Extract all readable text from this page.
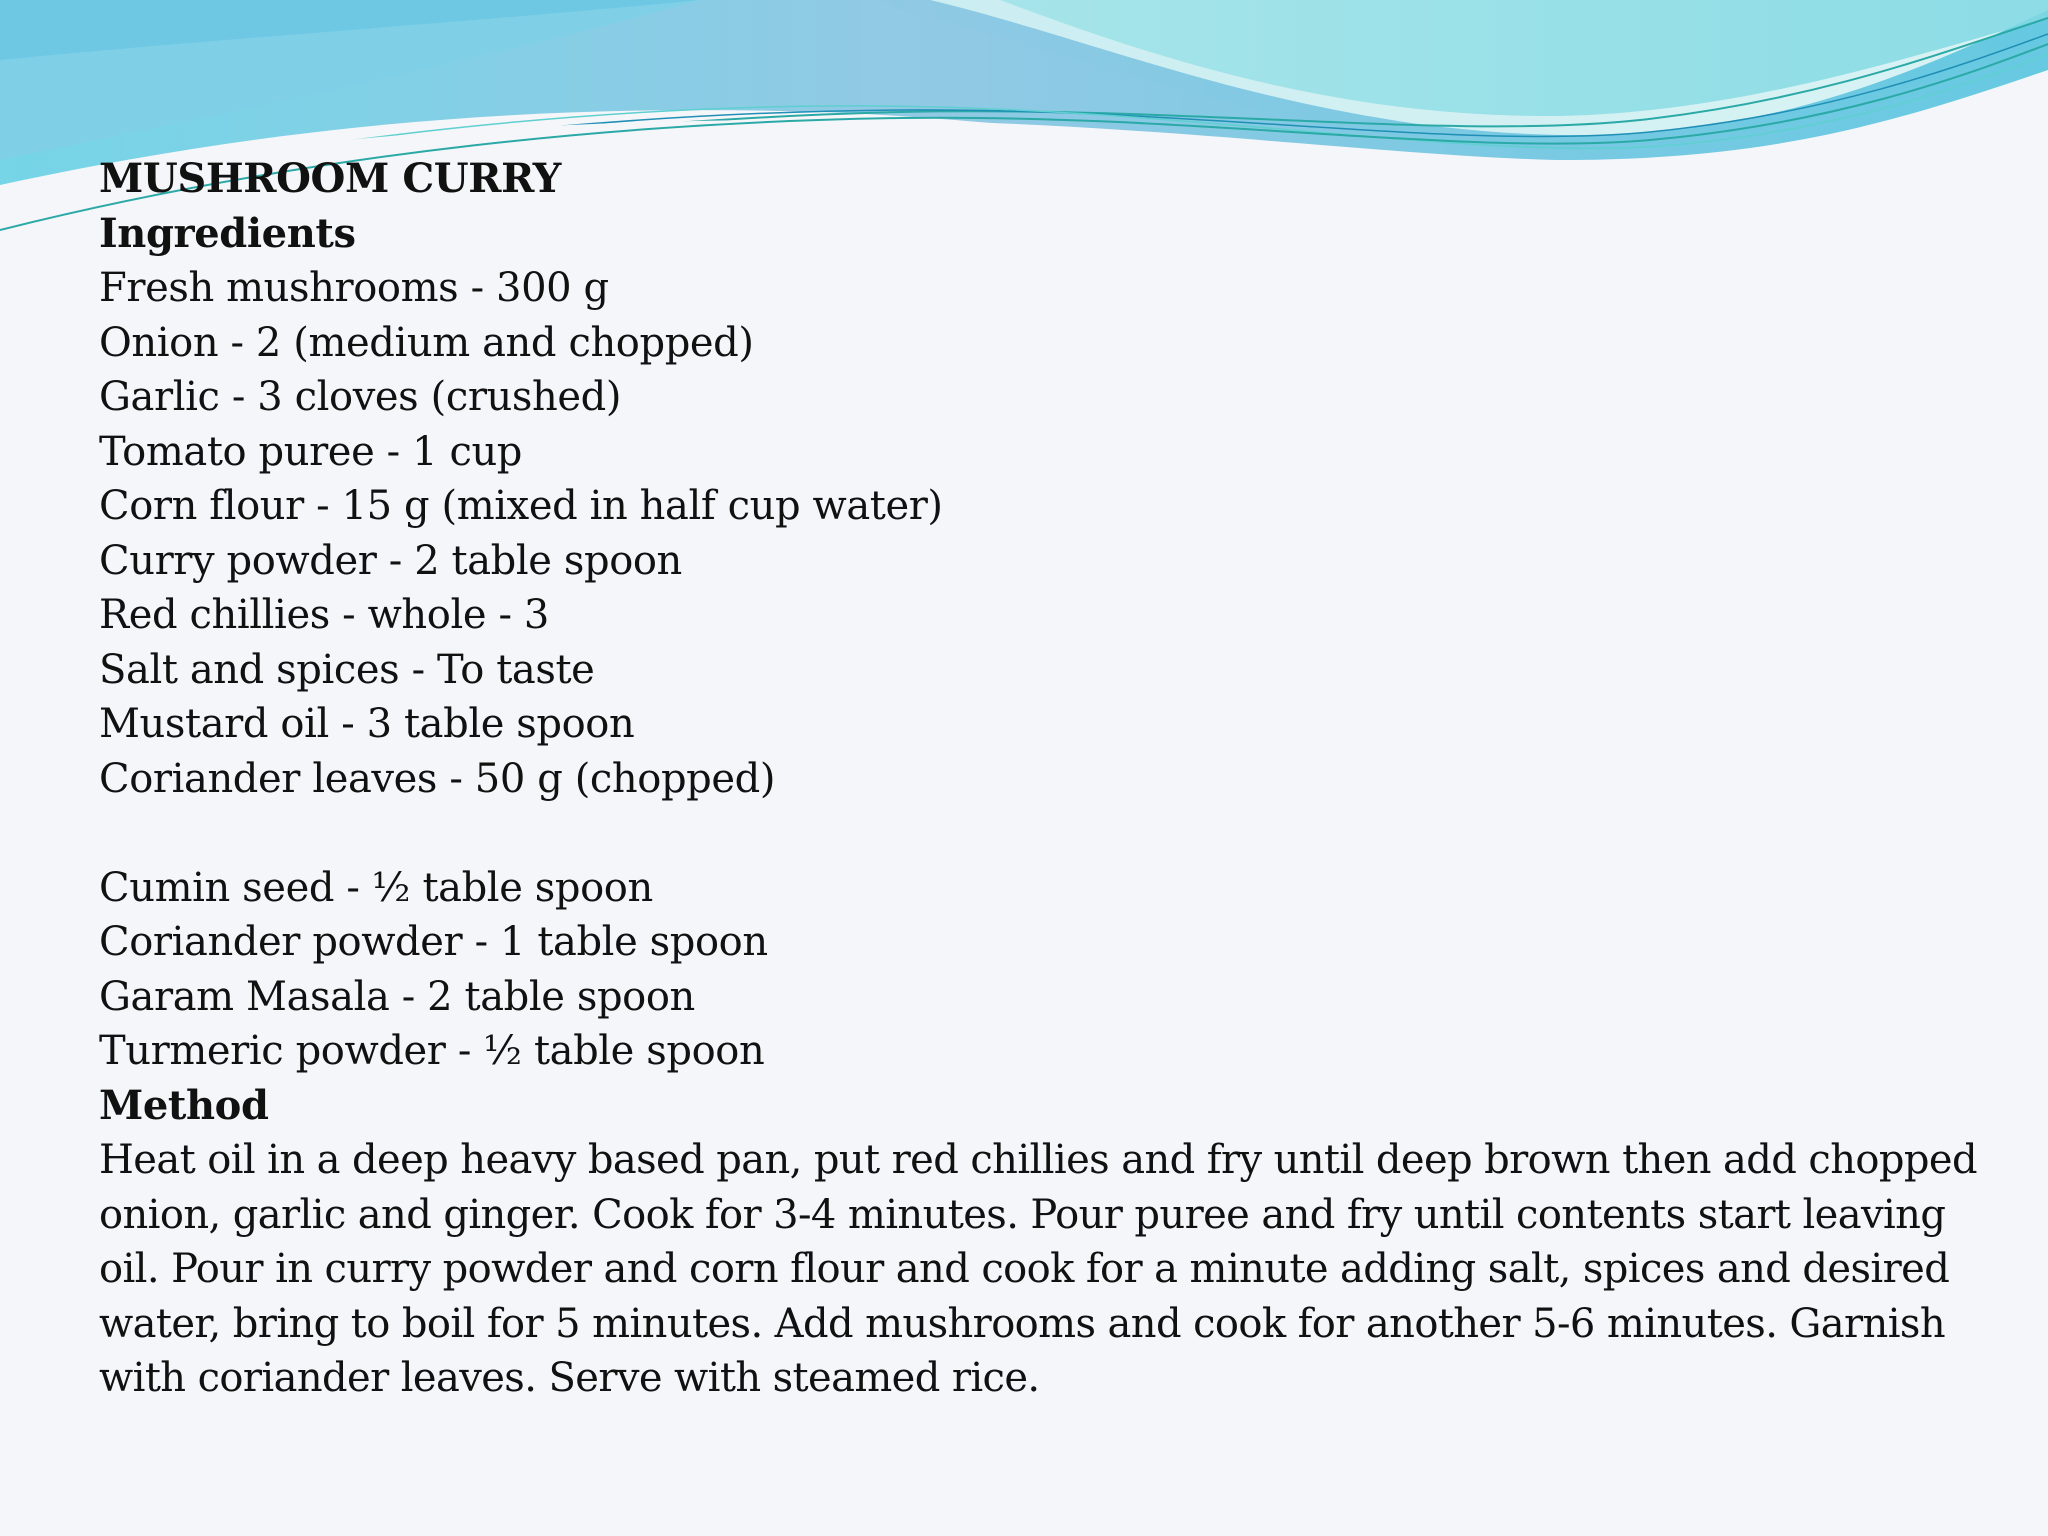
MUSHROOM CURRY

Ingredients

Fresh mushrooms - 300 g

Onion - 2 (medium and chopped)

Garlic - 3 cloves (crushed)

Tomato puree - 1 cup

Corn flour - 15 g (mixed in half cup water)

Curry powder - 2 table spoon

Red chillies - whole - 3

Salt and spices - To taste

Mustard oil - 3 table spoon

Coriander leaves - 50 g (chopped)

Cumin seed - ½ table spoon

Coriander powder - 1 table spoon

Garam Masala - 2 table spoon

Turmeric powder - ½ table spoon

Method

Heat oil in a deep heavy based pan, put red chillies and fry until deep brown then add chopped onion, garlic and ginger. Cook for 3-4 minutes. Pour puree and fry until contents start leaving oil. Pour in curry powder and corn flour and cook for a minute adding salt, spices and desired water, bring to boil for 5 minutes. Add mushrooms and cook for another 5-6 minutes. Garnish with coriander leaves. Serve with steamed rice.
